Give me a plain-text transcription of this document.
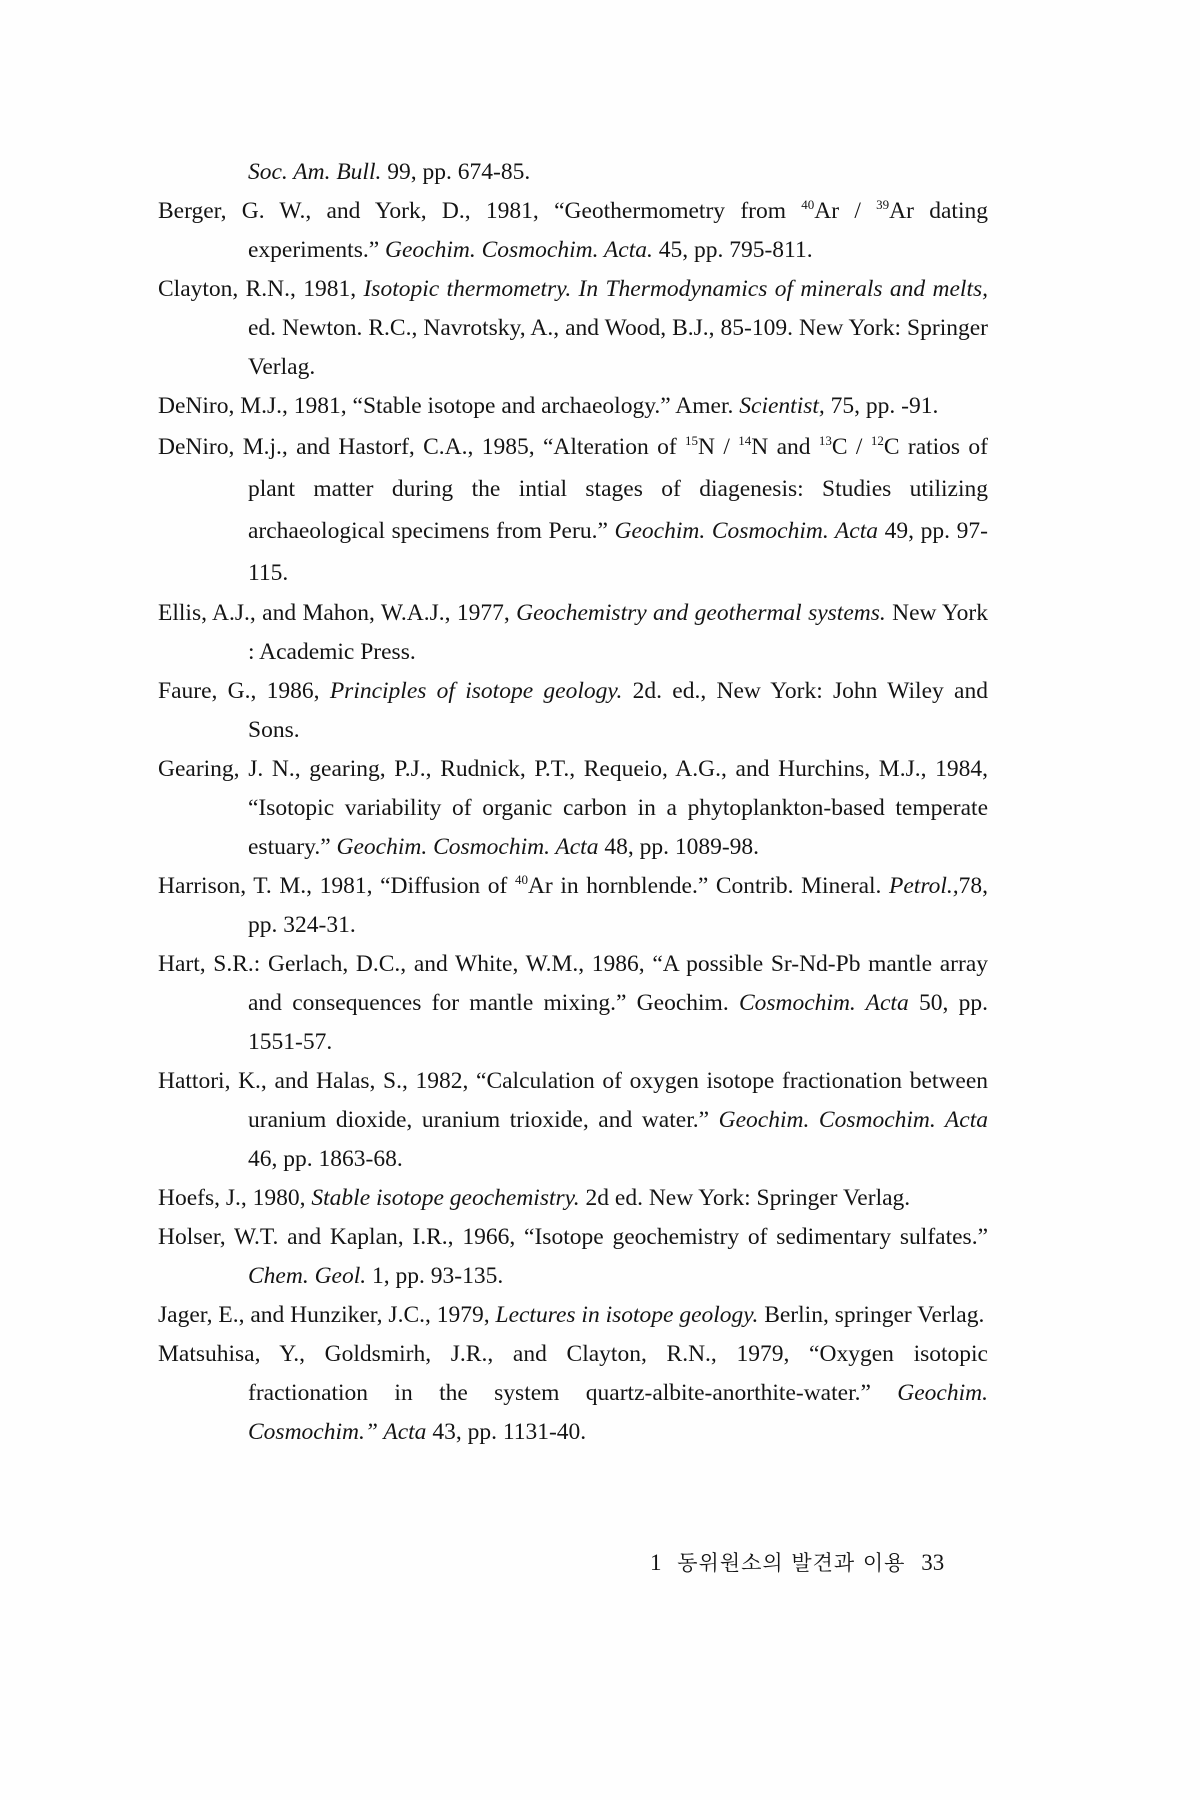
Soc. Am. Bull. 99, pp. 674-85.

Berger, G. W., and York, D., 1981, “Geothermometry from $^{40}$Ar / $^{39}$Ar dating experiments.” Geochim. Cosmochim. Acta. 45, pp. 795-811.

Clayton, R.N., 1981, Isotopic thermometry. In Thermodynamics of minerals and melts, ed. Newton. R.C., Navrotsky, A., and Wood, B.J., 85-109. New York: Springer Verlag.

DeNiro, M.J., 1981, “Stable isotope and archaeology.” Amer. Scientist, 75, pp. -91.

DeNiro, M.j., and Hastorf, C.A., 1985, “Alteration of $^{15}$N / $^{14}$N and $^{13}$C / $^{12}$C ratios of plant matter during the intial stages of diagenesis: Studies utilizing archaeological specimens from Peru.” Geochim. Cosmochim. Acta 49, pp. 97-115.

Ellis, A.J., and Mahon, W.A.J., 1977, Geochemistry and geothermal systems. New York : Academic Press.

Faure, G., 1986, Principles of isotope geology. 2d. ed., New York: John Wiley and Sons.

Gearing, J. N., gearing, P.J., Rudnick, P.T., Requeio, A.G., and Hurchins, M.J., 1984, “Isotopic variability of organic carbon in a phytoplankton-based temperate estuary.” Geochim. Cosmochim. Acta 48, pp. 1089-98.

Harrison, T. M., 1981, “Diffusion of $^{40}$Ar in hornblende.” Contrib. Mineral. Petrol.,78, pp. 324-31.

Hart, S.R.: Gerlach, D.C., and White, W.M., 1986, “A possible Sr-Nd-Pb mantle array and consequences for mantle mixing.” Geochim. Cosmochim. Acta 50, pp. 1551-57.

Hattori, K., and Halas, S., 1982, “Calculation of oxygen isotope fractionation between uranium dioxide, uranium trioxide, and water.” Geochim. Cosmochim. Acta 46, pp. 1863-68.

Hoefs, J., 1980, Stable isotope geochemistry. 2d ed. New York: Springer Verlag.

Holser, W.T. and Kaplan, I.R., 1966, “Isotope geochemistry of sedimentary sulfates.” Chem. Geol. 1, pp. 93-135.

Jager, E., and Hunziker, J.C., 1979, Lectures in isotope geology. Berlin, springer Verlag.

Matsuhisa, Y., Goldsmirh, J.R., and Clayton, R.N., 1979, “Oxygen isotopic fractionation in the system quartz-albite-anorthite-water.” Geochim. Cosmochim.” Acta 43, pp. 1131-40.

1 동위원소의 발견과 이용 33
